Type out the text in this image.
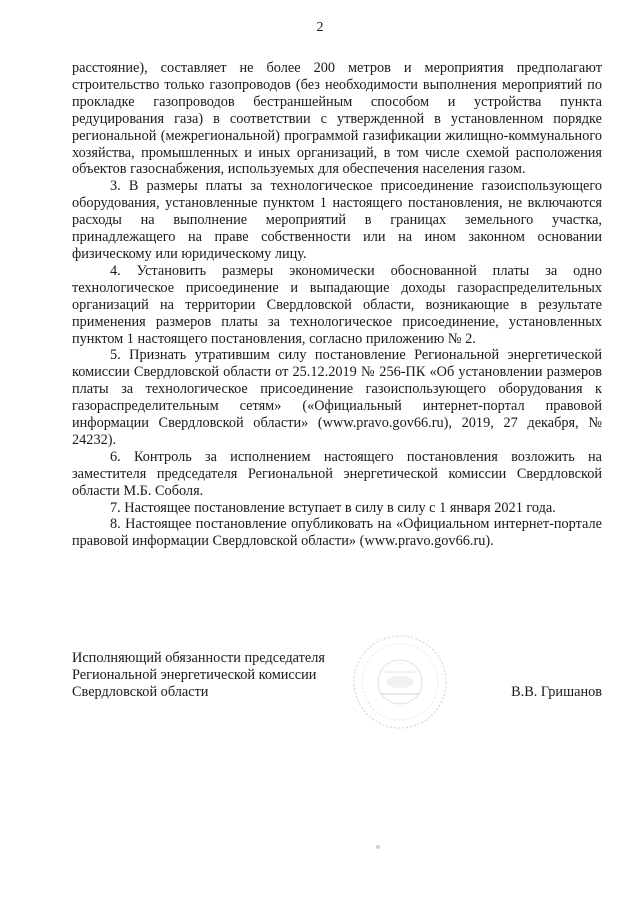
2

расстояние), составляет не более 200 метров и мероприятия предполагают строительство только газопроводов (без необходимости выполнения мероприятий по прокладке газопроводов бестраншейным способом и устройства пункта редуцирования газа) в соответствии с утвержденной в установленном порядке региональной (межрегиональной) программой газификации жилищно-коммунального хозяйства, промышленных и иных организаций, в том числе схемой расположения объектов газоснабжения, используемых для обеспечения населения газом.

3. В размеры платы за технологическое присоединение газоиспользующего оборудования, установленные пунктом 1 настоящего постановления, не включаются расходы на выполнение мероприятий в границах земельного участка, принадлежащего на праве собственности или на ином законном основании физическому или юридическому лицу.

4. Установить размеры экономически обоснованной платы за одно технологическое присоединение и выпадающие доходы газораспределительных организаций на территории Свердловской области, возникающие в результате применения размеров платы за технологическое присоединение, установленных пунктом 1 настоящего постановления, согласно приложению № 2.

5. Признать утратившим силу постановление Региональной энергетической комиссии Свердловской области от 25.12.2019 № 256-ПК «Об установлении размеров платы за технологическое присоединение газоиспользующего оборудования к газораспределительным сетям» («Официальный интернет-портал правовой информации Свердловской области» (www.pravo.gov66.ru), 2019, 27 декабря, № 24232).

6. Контроль за исполнением настоящего постановления возложить на заместителя председателя Региональной энергетической комиссии Свердловской области М.Б. Соболя.

7. Настоящее постановление вступает в силу в силу с 1 января 2021 года.

8. Настоящее постановление опубликовать на «Официальном интернет-портале правовой информации Свердловской области» (www.pravo.gov66.ru).

Исполняющий обязанности председателя
Региональной энергетической комиссии
Свердловской области	В.В. Гришанов
